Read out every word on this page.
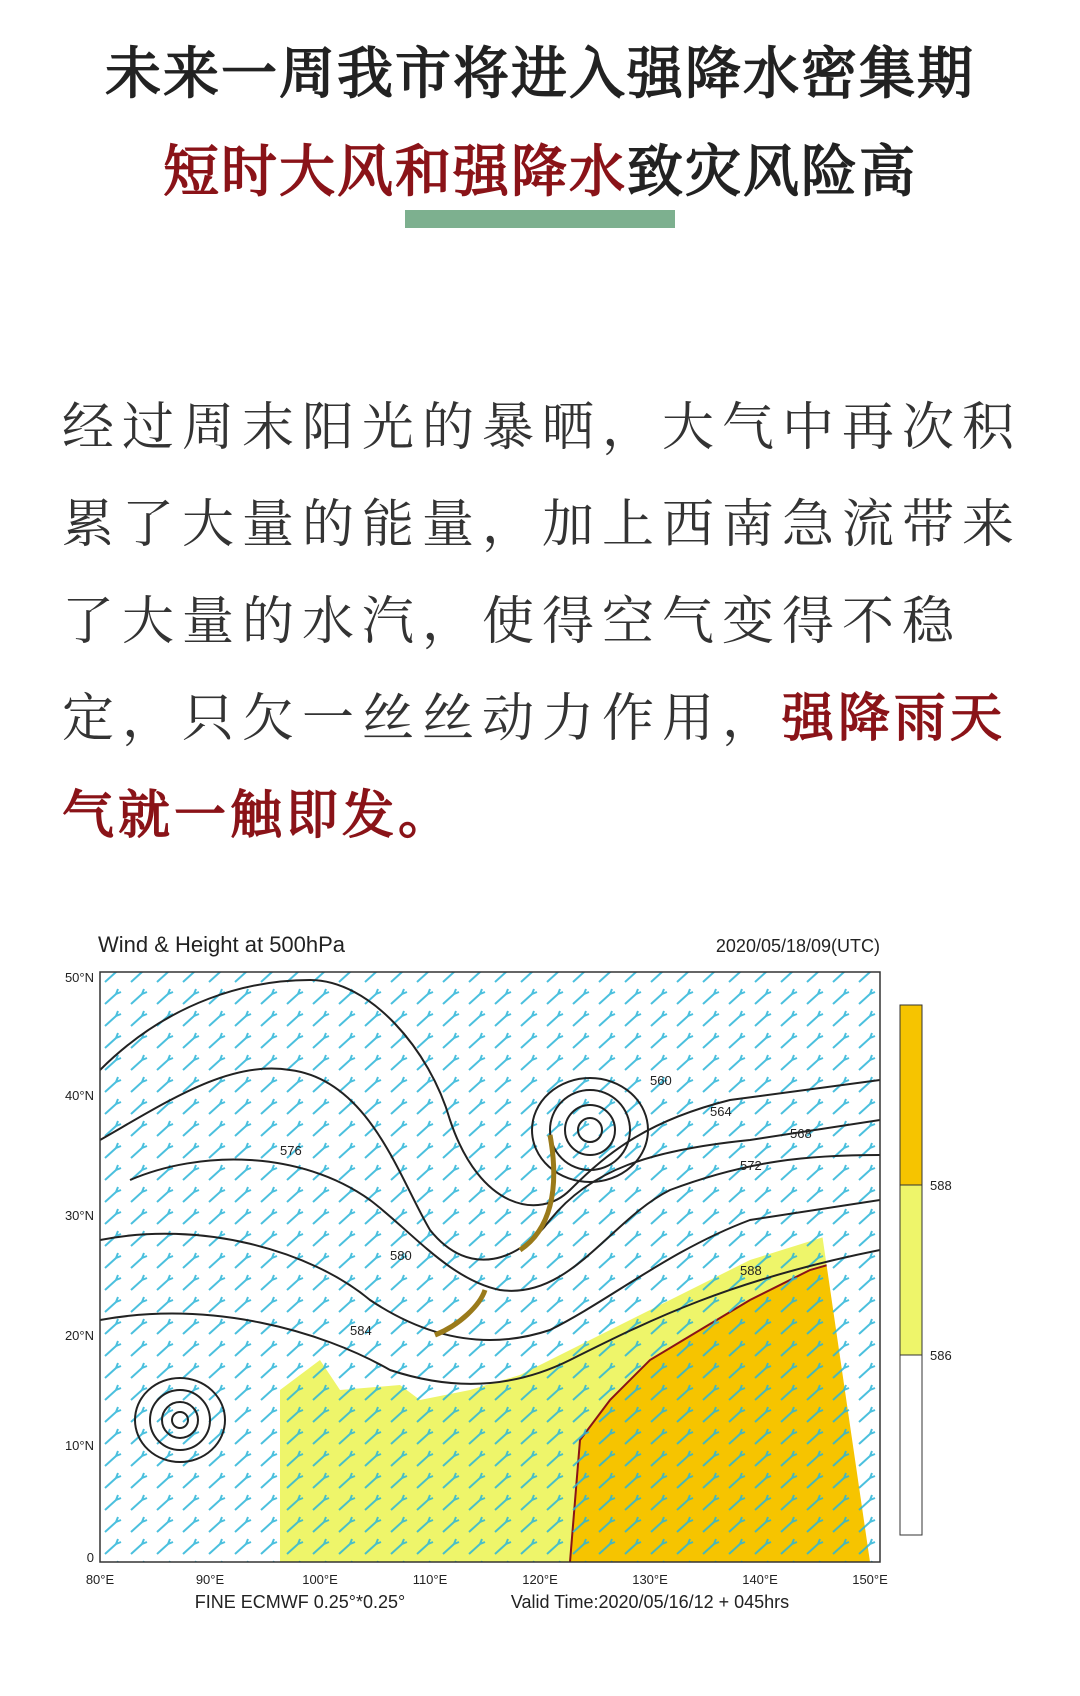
未来一周我市将进入强降水密集期
短时大风和强降水致灾风险高
经过周末阳光的暴晒，大气中再次积累了大量的能量，加上西南急流带来了大量的水汽，使得空气变得不稳定，只欠一丝丝动力作用，强降雨天气就一触即发。
Wind & Height at 500hPa	2020/05/18/09(UTC)
560
564
568
572
576
580
584
588
50°N
40°N
30°N
20°N
10°N
0
80°E	90°E	100°E	110°E	120°E	130°E	140°E	150°E
FINE ECMWF 0.25°*0.25°	Valid Time:2020/05/16/12 + 045hrs
588
586
